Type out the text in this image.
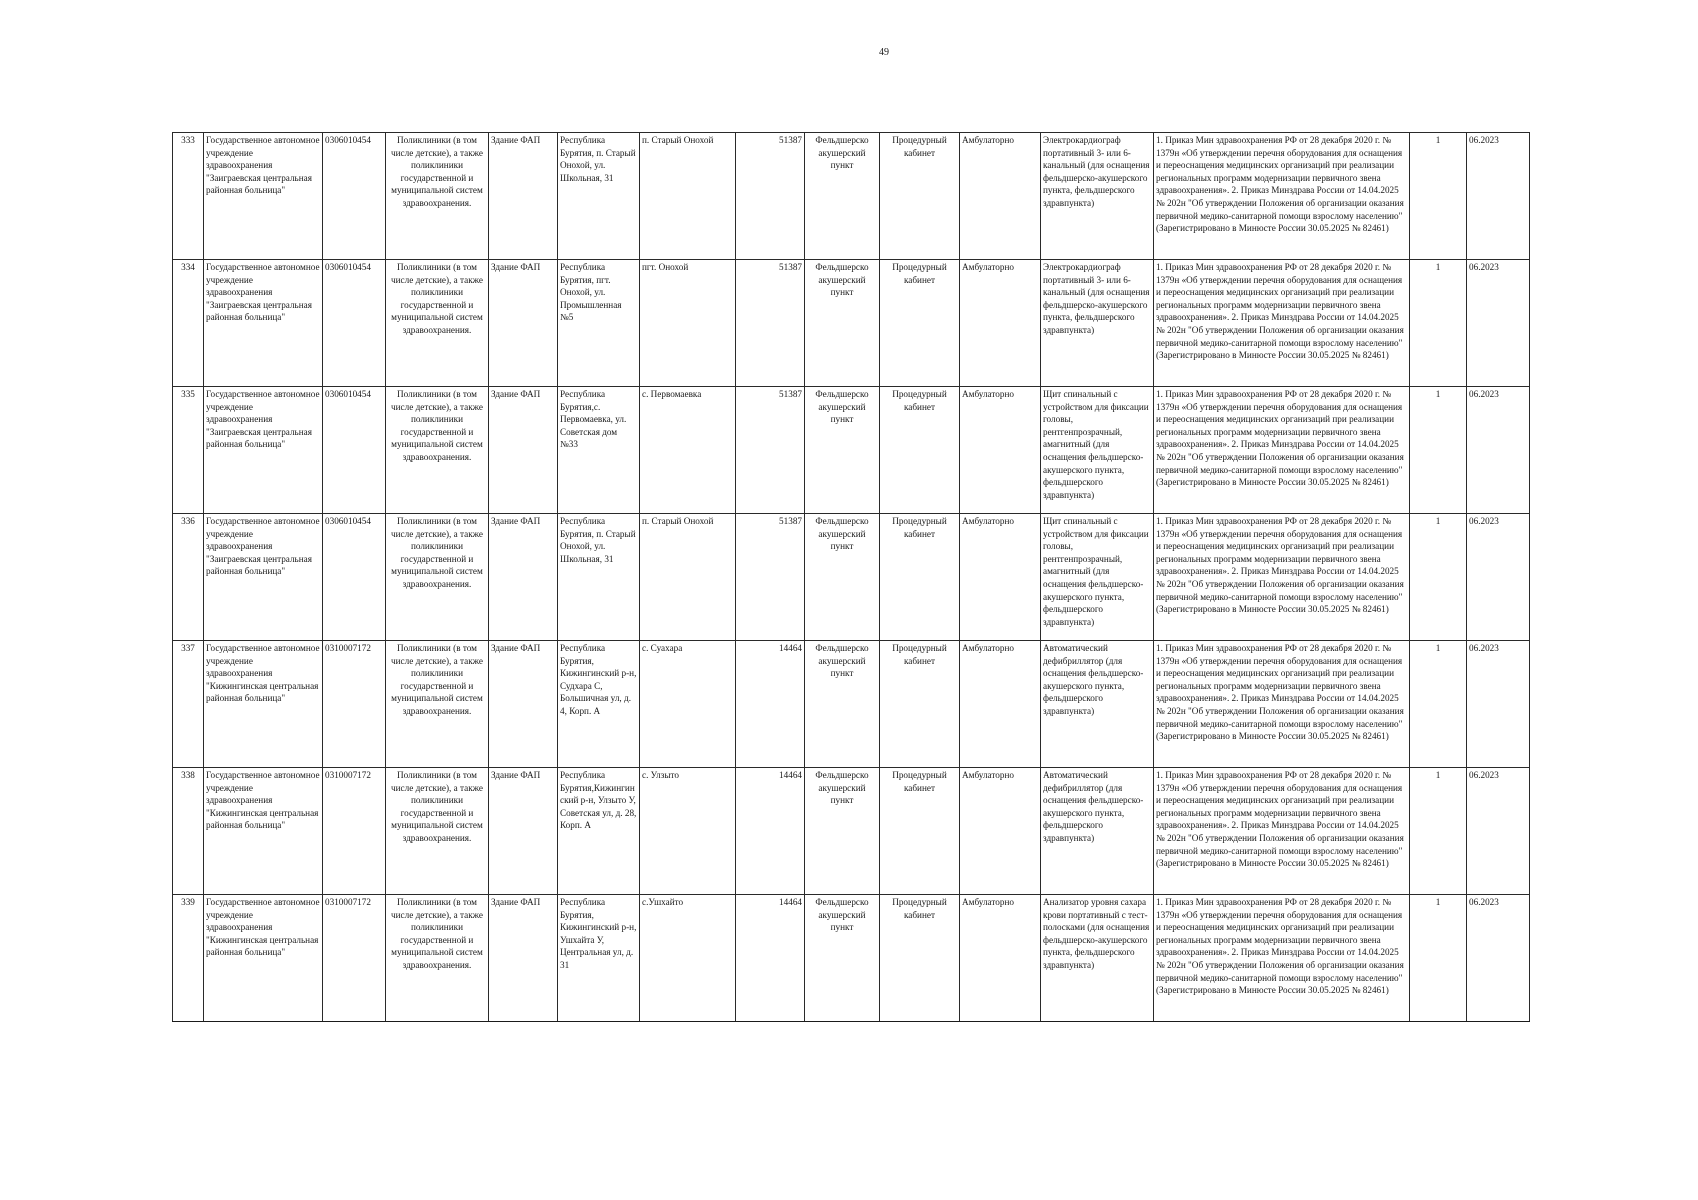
49
333	Государственное автономное учреждение здравоохранения "Заиграевская центральная районная больница"	0306010454	Поликлиники (в том числе детские), а также поликлиники государственной и муниципальной систем здравоохранения.	Здание ФАП	Республика Бурятия, п. Старый Онохой, ул. Школьная, 31	п. Старый Онохой	51387	Фельдшерско акушерский пункт	Процедурный кабинет	Амбулаторно	Электрокардиограф портативный 3- или 6-канальный (для оснащения фельдшерско-акушерского пункта, фельдшерского здравпункта)	1. Приказ Мин здравоохранения РФ от 28 декабря 2020 г. № 1379н «Об утверждении перечня оборудования для оснащения и переоснащения медицинских организаций при реализации региональных программ модернизации первичного звена здравоохранения». 2. Приказ Минздрава России от 14.04.2025 № 202н "Об утверждении Положения об организации оказания первичной медико-санитарной помощи взрослому населению" (Зарегистрировано в Минюсте России 30.05.2025 № 82461)	1	06.2023
334	Государственное автономное учреждение здравоохранения "Заиграевская центральная районная больница"	0306010454	Поликлиники (в том числе детские), а также поликлиники государственной и муниципальной систем здравоохранения.	Здание ФАП	Республика Бурятия, пгт. Онохой, ул. Промышленная №5	пгт. Онохой	51387	Фельдшерско акушерский пункт	Процедурный кабинет	Амбулаторно	Электрокардиограф портативный 3- или 6-канальный (для оснащения фельдшерско-акушерского пункта, фельдшерского здравпункта)	1. Приказ Мин здравоохранения РФ от 28 декабря 2020 г. № 1379н «Об утверждении перечня оборудования для оснащения и переоснащения медицинских организаций при реализации региональных программ модернизации первичного звена здравоохранения». 2. Приказ Минздрава России от 14.04.2025 № 202н "Об утверждении Положения об организации оказания первичной медико-санитарной помощи взрослому населению" (Зарегистрировано в Минюсте России 30.05.2025 № 82461)	1	06.2023
335	Государственное автономное учреждение здравоохранения "Заиграевская центральная районная больница"	0306010454	Поликлиники (в том числе детские), а также поликлиники государственной и муниципальной систем здравоохранения.	Здание ФАП	Республика Бурятия,с. Первомаевка, ул. Советская дом №33	с. Первомаевка	51387	Фельдшерско акушерский пункт	Процедурный кабинет	Амбулаторно	Щит спинальный с устройством для фиксации головы, рентгенпрозрачный, амагнитный (для оснащения фельдшерско-акушерского пункта, фельдшерского здравпункта)	1. Приказ Мин здравоохранения РФ от 28 декабря 2020 г. № 1379н «Об утверждении перечня оборудования для оснащения и переоснащения медицинских организаций при реализации региональных программ модернизации первичного звена здравоохранения». 2. Приказ Минздрава России от 14.04.2025 № 202н "Об утверждении Положения об организации оказания первичной медико-санитарной помощи взрослому населению" (Зарегистрировано в Минюсте России 30.05.2025 № 82461)	1	06.2023
336	Государственное автономное учреждение здравоохранения "Заиграевская центральная районная больница"	0306010454	Поликлиники (в том числе детские), а также поликлиники государственной и муниципальной систем здравоохранения.	Здание ФАП	Республика Бурятия, п. Старый Онохой, ул. Школьная, 31	п. Старый Онохой	51387	Фельдшерско акушерский пункт	Процедурный кабинет	Амбулаторно	Щит спинальный с устройством для фиксации головы, рентгенпрозрачный, амагнитный (для оснащения фельдшерско-акушерского пункта, фельдшерского здравпункта)	1. Приказ Мин здравоохранения РФ от 28 декабря 2020 г. № 1379н «Об утверждении перечня оборудования для оснащения и переоснащения медицинских организаций при реализации региональных программ модернизации первичного звена здравоохранения». 2. Приказ Минздрава России от 14.04.2025 № 202н "Об утверждении Положения об организации оказания первичной медико-санитарной помощи взрослому населению" (Зарегистрировано в Минюсте России 30.05.2025 № 82461)	1	06.2023
337	Государственное автономное учреждение здравоохранения "Кижингинская центральная районная больница"	0310007172	Поликлиники (в том числе детские), а также поликлиники государственной и муниципальной систем здравоохранения.	Здание ФАП	Республика Бурятия, Кижингинский р-н, Судхара С, Большичная ул, д. 4, Корп. А	с. Суахара	14464	Фельдшерско акушерский пункт	Процедурный кабинет	Амбулаторно	Автоматический дефибриллятор (для оснащения фельдшерско-акушерского пункта, фельдшерского здравпункта)	1. Приказ Мин здравоохранения РФ от 28 декабря 2020 г. № 1379н «Об утверждении перечня оборудования для оснащения и переоснащения медицинских организаций при реализации региональных программ модернизации первичного звена здравоохранения». 2. Приказ Минздрава России от 14.04.2025 № 202н "Об утверждении Положения об организации оказания первичной медико-санитарной помощи взрослому населению" (Зарегистрировано в Минюсте России 30.05.2025 № 82461)	1	06.2023
338	Государственное автономное учреждение здравоохранения "Кижингинская центральная районная больница"	0310007172	Поликлиники (в том числе детские), а также поликлиники государственной и муниципальной систем здравоохранения.	Здание ФАП	Республика Бурятия,Кижингинский р-н, Улзыто У, Советская ул, д. 28, Корп. А	с. Улзыто	14464	Фельдшерско акушерский пункт	Процедурный кабинет	Амбулаторно	Автоматический дефибриллятор (для оснащения фельдшерско-акушерского пункта, фельдшерского здравпункта)	1. Приказ Мин здравоохранения РФ от 28 декабря 2020 г. № 1379н «Об утверждении перечня оборудования для оснащения и переоснащения медицинских организаций при реализации региональных программ модернизации первичного звена здравоохранения». 2. Приказ Минздрава России от 14.04.2025 № 202н "Об утверждении Положения об организации оказания первичной медико-санитарной помощи взрослому населению" (Зарегистрировано в Минюсте России 30.05.2025 № 82461)	1	06.2023
339	Государственное автономное учреждение здравоохранения "Кижингинская центральная районная больница"	0310007172	Поликлиники (в том числе детские), а также поликлиники государственной и муниципальной систем здравоохранения.	Здание ФАП	Республика Бурятия, Кижингинский р-н, Ушхайта У, Центральная ул, д. 31	с.Ушхайто	14464	Фельдшерско акушерский пункт	Процедурный кабинет	Амбулаторно	Анализатор уровня сахара крови портативный с тест-полосками (для оснащения фельдшерско-акушерского пункта, фельдшерского здравпункта)	1. Приказ Мин здравоохранения РФ от 28 декабря 2020 г. № 1379н «Об утверждении перечня оборудования для оснащения и переоснащения медицинских организаций при реализации региональных программ модернизации первичного звена здравоохранения». 2. Приказ Минздрава России от 14.04.2025 № 202н "Об утверждении Положения об организации оказания первичной медико-санитарной помощи взрослому населению" (Зарегистрировано в Минюсте России 30.05.2025 № 82461)	1	06.2023
